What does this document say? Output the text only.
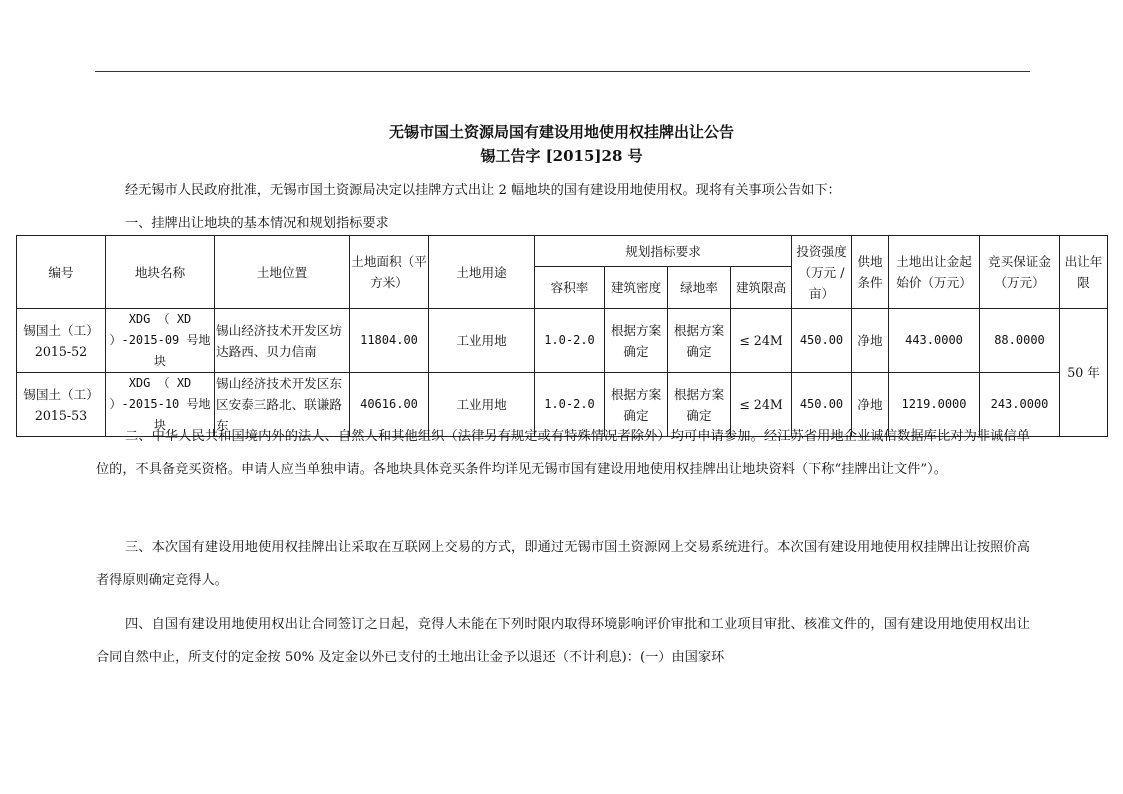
无锡市国土资源局国有建设用地使用权挂牌出让公告
锡工告字 [2015]28 号
经无锡市人民政府批准，无锡市国土资源局决定以挂牌方式出让 2 幅地块的国有建设用地使用权。现将有关事项公告如下：
一、挂牌出让地块的基本情况和规划指标要求
编号	地块名称	土地位置	土地面积（平方米）	土地用途	规划指标要求				投资强度（万元 / 亩）	供地条件	土地出让金起始价（万元）	竞买保证金（万元）	出让年限
					容积率	建筑密度	绿地率	建筑限高					
锡国土（工）2015-52	XDG （ XD ）-2015-09 号地块	锡山经济技术开发区坊达路西、贝力信南	11804.00	工业用地	1.0-2.0	根据方案确定	根据方案确定	≤ 24M	450.00	净地	443.0000	88.0000	50 年
锡国土（工）2015-53	XDG （ XD ）-2015-10 号地块	锡山经济技术开发区东区安泰三路北、联谦路东	40616.00	工业用地	1.0-2.0	根据方案确定	根据方案确定	≤ 24M	450.00	净地	1219.0000	243.0000	
二、中华人民共和国境内外的法人、自然人和其他组织（法律另有规定或有特殊情况者除外）均可申请参加。经江苏省用地企业诚信数据库比对为非诚信单位的，不具备竞买资格。申请人应当单独申请。各地块具体竞买条件均详见无锡市国有建设用地使用权挂牌出让地块资料（下称“挂牌出让文件”）。
三、本次国有建设用地使用权挂牌出让采取在互联网上交易的方式，即通过无锡市国土资源网上交易系统进行。本次国有建设用地使用权挂牌出让按照价高者得原则确定竞得人。
四、自国有建设用地使用权出让合同签订之日起，竞得人未能在下列时限内取得环境影响评价审批和工业项目审批、核准文件的，国有建设用地使用权出让合同自然中止，所支付的定金按 50% 及定金以外已支付的土地出让金予以退还（不计利息)：(一）由国家环
